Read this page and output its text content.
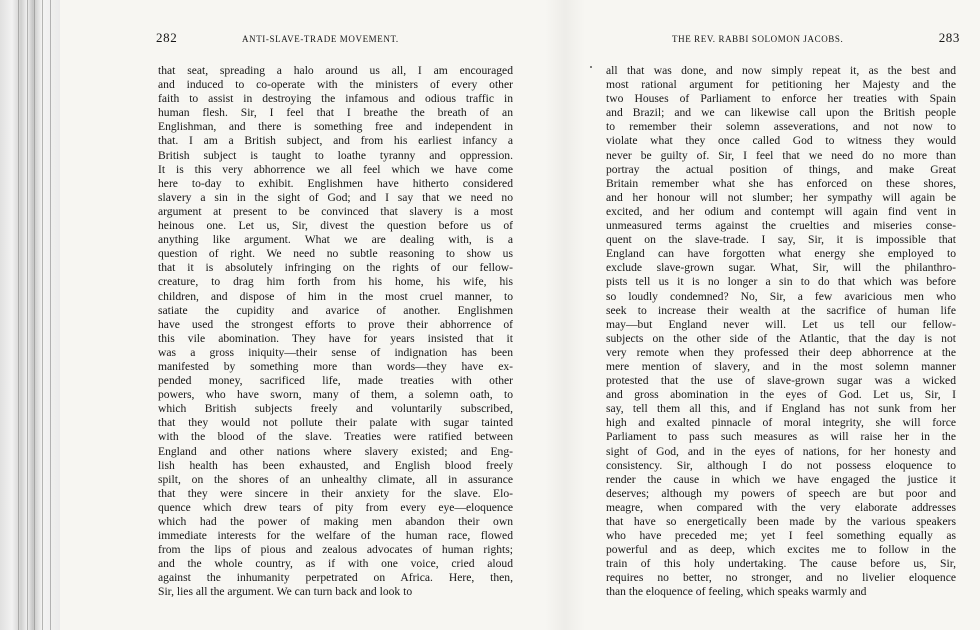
282	ANTI-SLAVE-TRADE MOVEMENT.
that seat, spreading a halo around us all, I am encouraged
and induced to co-operate with the ministers of every other
faith to assist in destroying the infamous and odious traffic in
human flesh. Sir, I feel that I breathe the breath of an
Englishman, and there is something free and independent in
that. I am a British subject, and from his earliest infancy a
British subject is taught to loathe tyranny and oppression.
It is this very abhorrence we all feel which we have come
here to-day to exhibit. Englishmen have hitherto considered
slavery a sin in the sight of God; and I say that we need no
argument at present to be convinced that slavery is a most
heinous one. Let us, Sir, divest the question before us of
anything like argument. What we are dealing with, is a
question of right. We need no subtle reasoning to show us
that it is absolutely infringing on the rights of our fellow-
creature, to drag him forth from his home, his wife, his
children, and dispose of him in the most cruel manner, to
satiate the cupidity and avarice of another. Englishmen
have used the strongest efforts to prove their abhorrence of
this vile abomination. They have for years insisted that it
was a gross iniquity—their sense of indignation has been
manifested by something more than words—they have ex-
pended money, sacrificed life, made treaties with other
powers, who have sworn, many of them, a solemn oath, to
which British subjects freely and voluntarily subscribed,
that they would not pollute their palate with sugar tainted
with the blood of the slave. Treaties were ratified between
England and other nations where slavery existed; and Eng-
lish health has been exhausted, and English blood freely
spilt, on the shores of an unhealthy climate, all in assurance
that they were sincere in their anxiety for the slave. Elo-
quence which drew tears of pity from every eye—eloquence
which had the power of making men abandon their own
immediate interests for the welfare of the human race, flowed
from the lips of pious and zealous advocates of human rights;
and the whole country, as if with one voice, cried aloud
against the inhumanity perpetrated on Africa. Here, then,
Sir, lies all the argument. We can turn back and look to
THE REV. RABBI SOLOMON JACOBS.	283
all that was done, and now simply repeat it, as the best and
most rational argument for petitioning her Majesty and the
two Houses of Parliament to enforce her treaties with Spain
and Brazil; and we can likewise call upon the British people
to remember their solemn asseverations, and not now to
violate what they once called God to witness they would
never be guilty of. Sir, I feel that we need do no more than
portray the actual position of things, and make Great
Britain remember what she has enforced on these shores,
and her honour will not slumber; her sympathy will again be
excited, and her odium and contempt will again find vent in
unmeasured terms against the cruelties and miseries conse-
quent on the slave-trade. I say, Sir, it is impossible that
England can have forgotten what energy she employed to
exclude slave-grown sugar. What, Sir, will the philanthro-
pists tell us it is no longer a sin to do that which was before
so loudly condemned? No, Sir, a few avaricious men who
seek to increase their wealth at the sacrifice of human life
may—but England never will. Let us tell our fellow-
subjects on the other side of the Atlantic, that the day is not
very remote when they professed their deep abhorrence at the
mere mention of slavery, and in the most solemn manner
protested that the use of slave-grown sugar was a wicked
and gross abomination in the eyes of God. Let us, Sir, I
say, tell them all this, and if England has not sunk from her
high and exalted pinnacle of moral integrity, she will force
Parliament to pass such measures as will raise her in the
sight of God, and in the eyes of nations, for her honesty and
consistency. Sir, although I do not possess eloquence to
render the cause in which we have engaged the justice it
deserves; although my powers of speech are but poor and
meagre, when compared with the very elaborate addresses
that have so energetically been made by the various speakers
who have preceded me; yet I feel something equally as
powerful and as deep, which excites me to follow in the
train of this holy undertaking. The cause before us, Sir,
requires no better, no stronger, and no livelier eloquence
than the eloquence of feeling, which speaks warmly and
